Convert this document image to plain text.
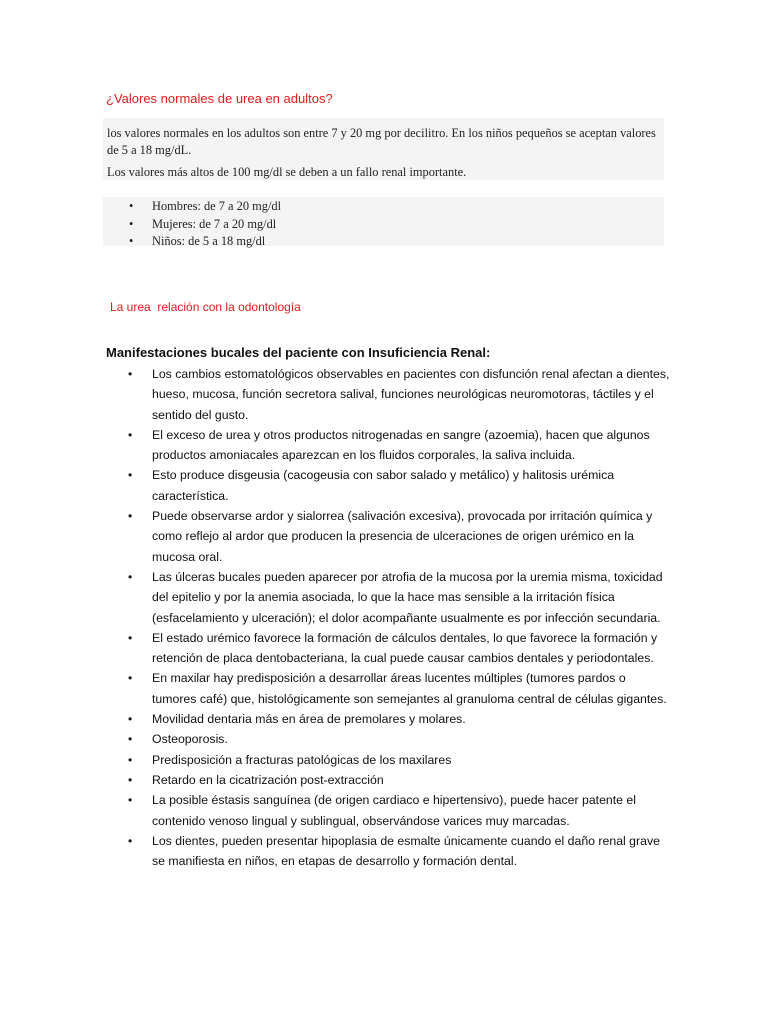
¿Valores normales de urea en adultos?
los valores normales en los adultos son entre 7 y 20 mg por decilitro. En los niños pequeños se aceptan valores de 5 a 18 mg/dL.
Los valores más altos de 100 mg/dl se deben a un fallo renal importante.
• Hombres: de 7 a 20 mg/dl
• Mujeres: de 7 a 20 mg/dl
• Niños: de 5 a 18 mg/dl
La urea  relación con la odontología
Manifestaciones bucales del paciente con Insuficiencia Renal:
• Los cambios estomatológicos observables en pacientes con disfunción renal afectan a dientes, hueso, mucosa, función secretora salival, funciones neurológicas neuromotoras, táctiles y el sentido del gusto.
• El exceso de urea y otros productos nitrogenadas en sangre (azoemia), hacen que algunos productos amoniacales aparezcan en los fluidos corporales, la saliva incluida.
• Esto produce disgeusia (cacogeusia con sabor salado y metálico) y halitosis urémica característica.
• Puede observarse ardor y sialorrea (salivación excesiva), provocada por irritación química y como reflejo al ardor que producen la presencia de ulceraciones de origen urémico en la mucosa oral.
• Las úlceras bucales pueden aparecer por atrofia de la mucosa por la uremia misma, toxicidad del epitelio y por la anemia asociada, lo que la hace mas sensible a la irritación física (esfacelamiento y ulceración); el dolor acompañante usualmente es por infección secundaria.
• El estado urémico favorece la formación de cálculos dentales, lo que favorece la formación y retención de placa dentobacteriana, la cual puede causar cambios dentales y periodontales.
• En maxilar hay predisposición a desarrollar áreas lucentes múltiples (tumores pardos o tumores café) que, histológicamente son semejantes al granuloma central de células gigantes.
• Movilidad dentaria más en área de premolares y molares.
• Osteoporosis.
• Predisposición a fracturas patológicas de los maxilares
• Retardo en la cicatrización post-extracción
• La posible éstasis sanguínea (de origen cardiaco e hipertensivo), puede hacer patente el contenido venoso lingual y sublingual, observándose varices muy marcadas.
• Los dientes, pueden presentar hipoplasia de esmalte únicamente cuando el daño renal grave se manifiesta en niños, en etapas de desarrollo y formación dental.
